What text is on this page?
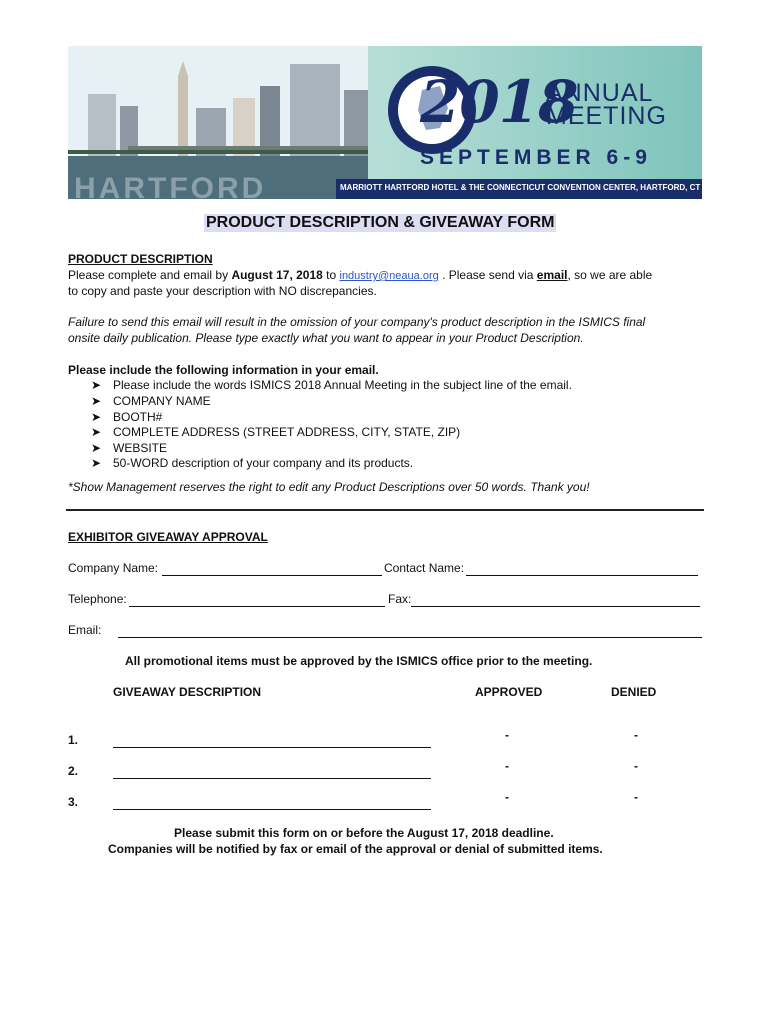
HARTFORD
2018
ANNUAL
MEETING
SEPTEMBER 6-9
MARRIOTT HARTFORD HOTEL & THE CONNECTICUT CONVENTION CENTER, HARTFORD, CT
PRODUCT DESCRIPTION & GIVEAWAY FORM
PRODUCT DESCRIPTION
Please complete and email by August 17, 2018 to industry@neaua.org . Please send via email, so we are able
to copy and paste your description with NO discrepancies.
Failure to send this email will result in the omission of your company's product description in the ISMICS final
onsite daily publication. Please type exactly what you want to appear in your Product Description.
Please include the following information in your email.
➤ Please include the words ISMICS 2018 Annual Meeting in the subject line of the email.
➤ COMPANY NAME
➤ BOOTH#
➤ COMPLETE ADDRESS (STREET ADDRESS, CITY, STATE, ZIP)
➤ WEBSITE
➤ 50-WORD description of your company and its products.
*Show Management reserves the right to edit any Product Descriptions over 50 words. Thank you!
EXHIBITOR GIVEAWAY APPROVAL
Company Name:	Contact Name:
Telephone:	Fax:
Email:
All promotional items must be approved by the ISMICS office prior to the meeting.
GIVEAWAY DESCRIPTION	APPROVED	DENIED
1.	-	-
2.	-	-
3.	-	-
Please submit this form on or before the August 17, 2018 deadline.
Companies will be notified by fax or email of the approval or denial of submitted items.
